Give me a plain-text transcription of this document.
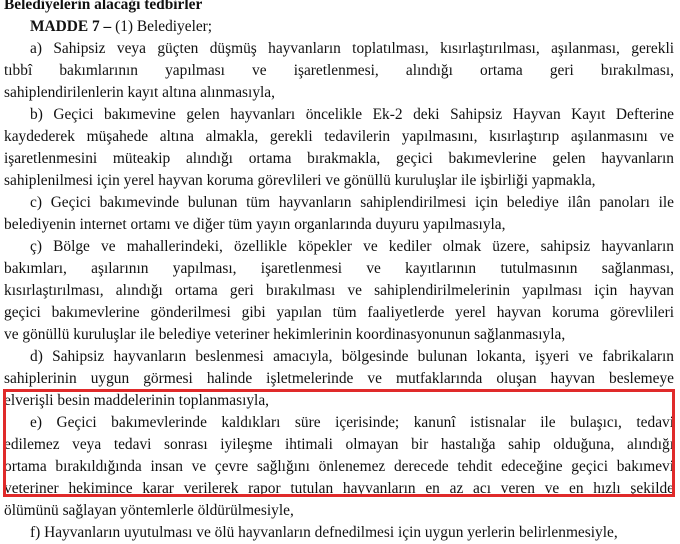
Belediyelerin alacağı tedbirler
MADDE 7 – (1) Belediyeler;
a) Sahipsiz veya güçten düşmüş hayvanların toplatılması, kısırlaştırılması, aşılanması, gerekli
tıbbî bakımlarının yapılması ve işaretlenmesi, alındığı ortama geri bırakılması,
sahiplendirilenlerin kayıt altına alınmasıyla,
b) Geçici bakımevine gelen hayvanları öncelikle Ek-2 deki Sahipsiz Hayvan Kayıt Defterine
kaydederek müşahede altına almakla, gerekli tedavilerin yapılmasını, kısırlaştırıp aşılanmasını ve
işaretlenmesini müteakip alındığı ortama bırakmakla, geçici bakımevlerine gelen hayvanların
sahiplenilmesi için yerel hayvan koruma görevlileri ve gönüllü kuruluşlar ile işbirliği yapmakla,
c) Geçici bakımevinde bulunan tüm hayvanların sahiplendirilmesi için belediye ilân panoları ile
belediyenin internet ortamı ve diğer tüm yayın organlarında duyuru yapılmasıyla,
ç) Bölge ve mahallerindeki, özellikle köpekler ve kediler olmak üzere, sahipsiz hayvanların
bakımları, aşılarının yapılması, işaretlenmesi ve kayıtlarının tutulmasının sağlanması,
kısırlaştırılması, alındığı ortama geri bırakılması ve sahiplendirilmelerinin yapılması için hayvan
geçici bakımevlerine gönderilmesi gibi yapılan tüm faaliyetlerde yerel hayvan koruma görevlileri
ve gönüllü kuruluşlar ile belediye veteriner hekimlerinin koordinasyonunun sağlanmasıyla,
d) Sahipsiz hayvanların beslenmesi amacıyla, bölgesinde bulunan lokanta, işyeri ve fabrikaların
sahiplerinin uygun görmesi halinde işletmelerinde ve mutfaklarında oluşan hayvan beslemeye
elverişli besin maddelerinin toplanmasıyla,
e) Geçici bakımevlerinde kaldıkları süre içerisinde; kanunî istisnalar ile bulaşıcı, tedavi
edilemez veya tedavi sonrası iyileşme ihtimali olmayan bir hastalığa sahip olduğuna, alındığı
ortama bırakıldığında insan ve çevre sağlığını önlenemez derecede tehdit edeceğine geçici bakımevi
veteriner hekimince karar verilerek rapor tutulan hayvanların en az acı veren ve en hızlı şekilde
ölümünü sağlayan yöntemlerle öldürülmesiyle,
f) Hayvanların uyutulması ve ölü hayvanların defnedilmesi için uygun yerlerin belirlenmesiyle,
